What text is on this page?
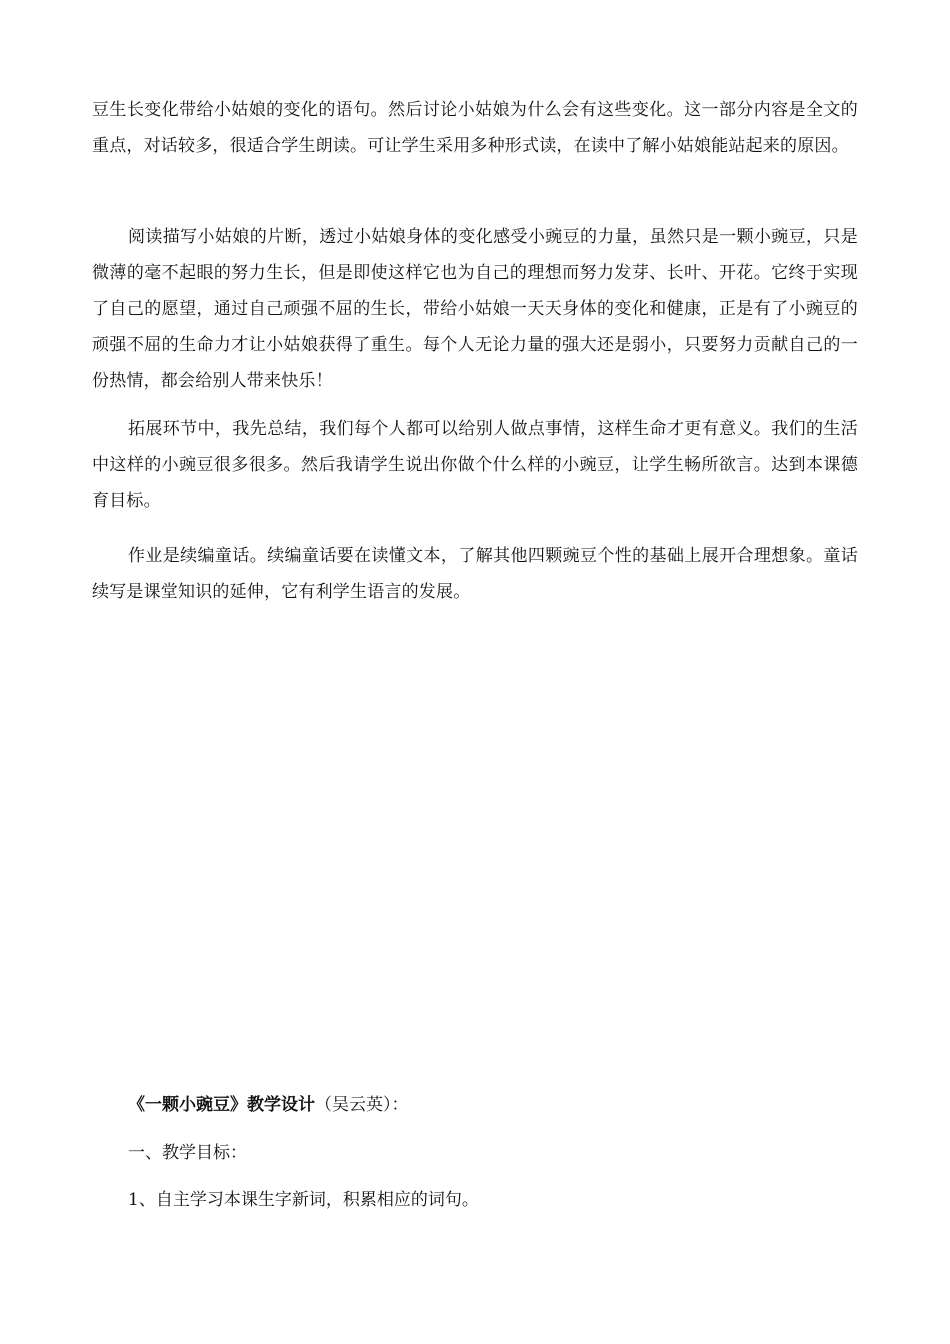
豆生长变化带给小姑娘的变化的语句。然后讨论小姑娘为什么会有这些变化。这一部分内容是全文的重点，对话较多，很适合学生朗读。可让学生采用多种形式读，在读中了解小姑娘能站起来的原因。

阅读描写小姑娘的片断，透过小姑娘身体的变化感受小豌豆的力量，虽然只是一颗小豌豆，只是微薄的毫不起眼的努力生长，但是即使这样它也为自己的理想而努力发芽、长叶、开花。它终于实现了自己的愿望，通过自己顽强不屈的生长，带给小姑娘一天天身体的变化和健康，正是有了小豌豆的顽强不屈的生命力才让小姑娘获得了重生。每个人无论力量的强大还是弱小，只要努力贡献自己的一份热情，都会给别人带来快乐！

拓展环节中，我先总结，我们每个人都可以给别人做点事情，这样生命才更有意义。我们的生活中这样的小豌豆很多很多。然后我请学生说出你做个什么样的小豌豆，让学生畅所欲言。达到本课德育目标。

作业是续编童话。续编童话要在读懂文本，了解其他四颗豌豆个性的基础上展开合理想象。童话续写是课堂知识的延伸，它有利学生语言的发展。

《一颗小豌豆》教学设计（吴云英）：

一、教学目标：

1、自主学习本课生字新词，积累相应的词句。
